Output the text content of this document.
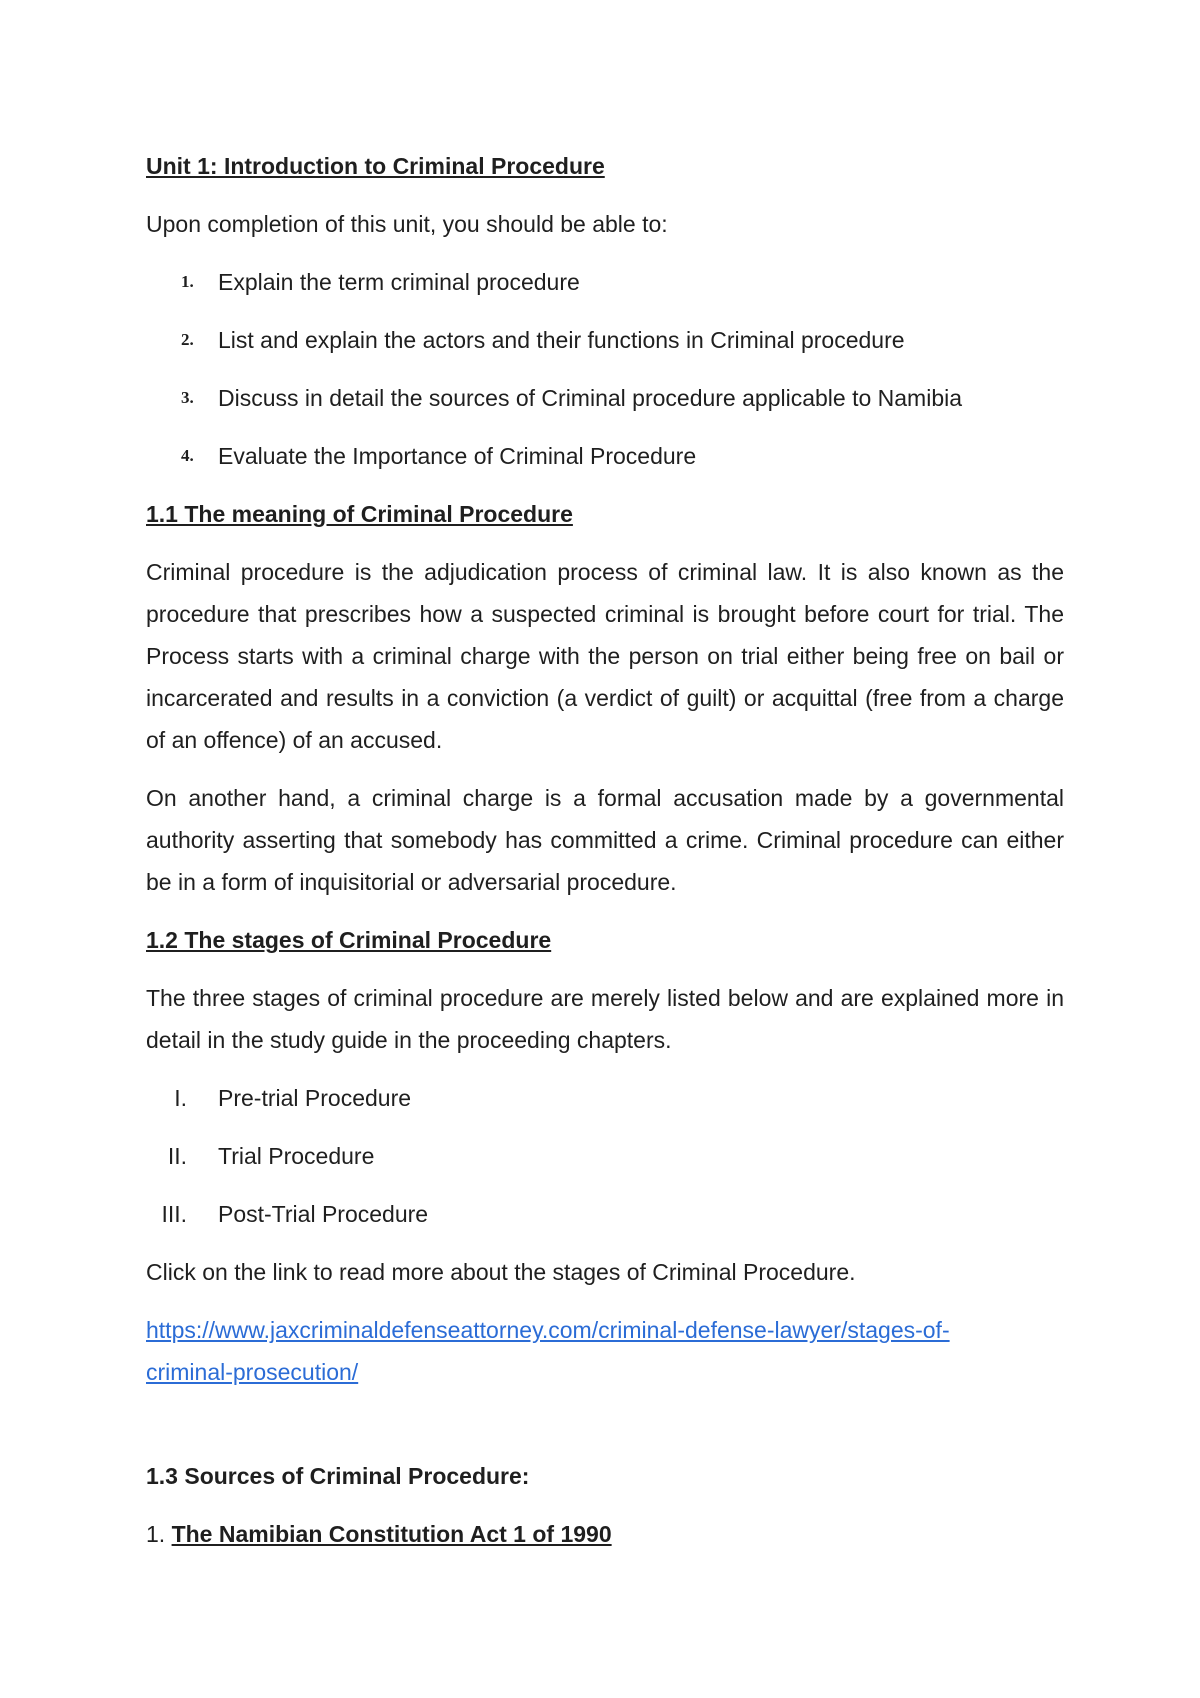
Unit 1: Introduction to Criminal Procedure

Upon completion of this unit, you should be able to:

1.	Explain the term criminal procedure
2.	List and explain the actors and their functions in Criminal procedure
3.	Discuss in detail the sources of Criminal procedure applicable to Namibia
4.	Evaluate the Importance of Criminal Procedure

1.1 The meaning of Criminal Procedure

Criminal procedure is the adjudication process of criminal law. It is also known as the procedure that prescribes how a suspected criminal is brought before court for trial. The Process starts with a criminal charge with the person on trial either being free on bail or incarcerated and results in a conviction (a verdict of guilt) or acquittal (free from a charge of an offence) of an accused.

On another hand, a criminal charge is a formal accusation made by a governmental authority asserting that somebody has committed a crime. Criminal procedure can either be in a form of inquisitorial or adversarial procedure.

1.2 The stages of Criminal Procedure

The three stages of criminal procedure are merely listed below and are explained more in detail in the study guide in the proceeding chapters.

I. Pre-trial Procedure
II. Trial Procedure
III. Post-Trial Procedure

Click on the link to read more about the stages of Criminal Procedure.

https://www.jaxcriminaldefenseattorney.com/criminal-defense-lawyer/stages-of-
criminal-prosecution/

1.3 Sources of Criminal Procedure:

1. The Namibian Constitution Act 1 of 1990
